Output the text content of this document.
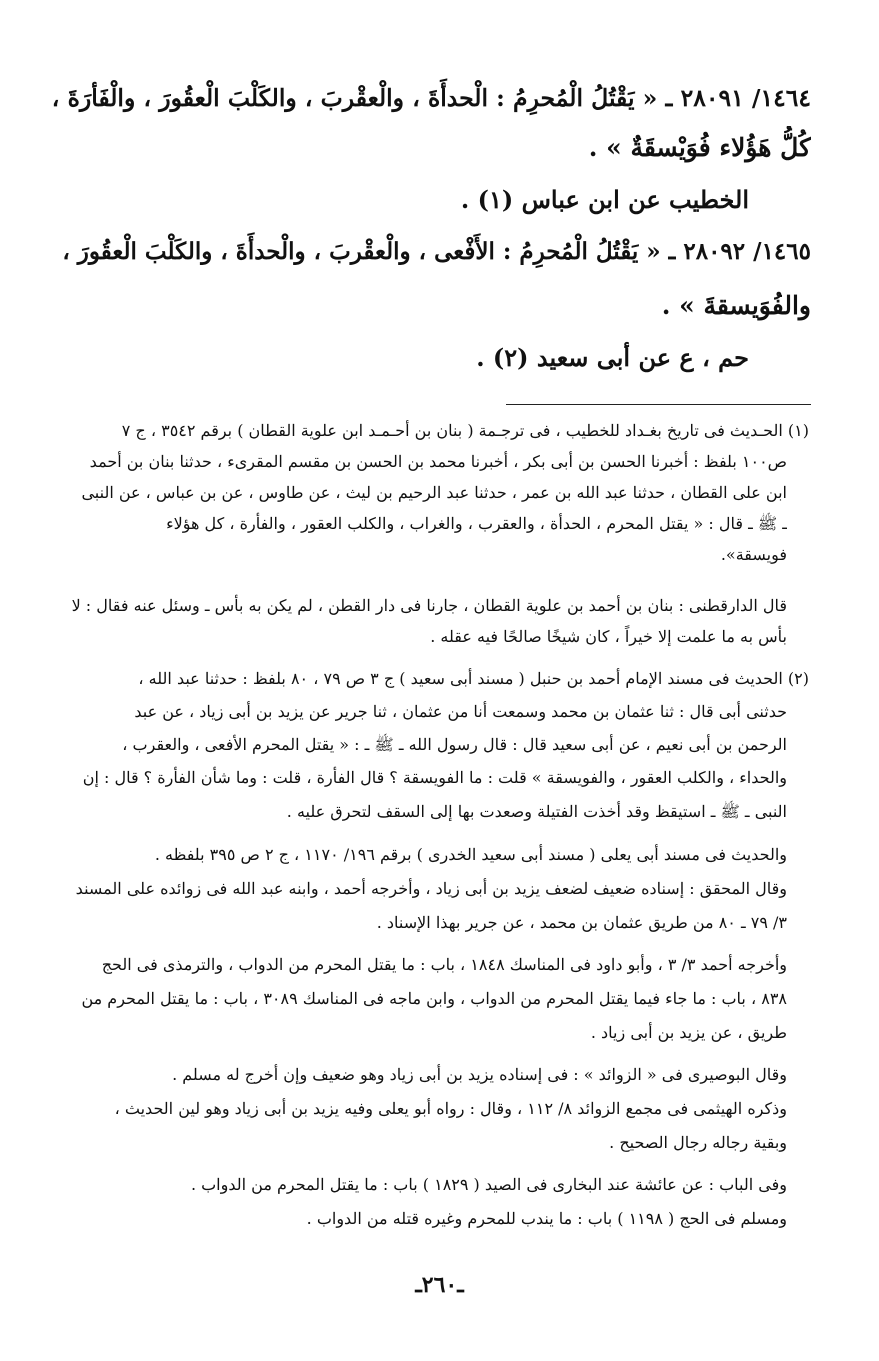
١٤٦٤/ ٢٨٠٩١ ـ « يَقْتُلُ الْمُحرِمُ : الْحدأَةَ ، والْعقْربَ ، والكَلْبَ الْعقُورَ ، والْفَأرَةَ ،
كُلُّ هَؤُلاء فُوَيْسقَةٌ » .
الخطيب عن ابن عباس (١) .
١٤٦٥/ ٢٨٠٩٢ ـ « يَقْتُلُ الْمُحرِمُ : الأَفْعى ، والْعقْربَ ، والْحدأَةَ ، والكَلْبَ الْعقُورَ ،
والفُوَيسقةَ » .
حم ، ع عن أبى سعيد (٢) .
(١) الحـديث فى تاريخ بغـداد للخطيب ، فى ترجـمة ( بنان بن أحـمـد ابن علوية القطان ) برقم ٣٥٤٢ ، ج ٧
ص١٠٠ بلفظ : أخبرنا الحسن بن أبى بكر ، أخبرنا محمد بن الحسن بن مقسم المقرىء ، حدثنا بنان بن أحمد
ابن على القطان ، حدثنا عبد الله بن عمر ، حدثنا عبد الرحيم بن ليث ، عن طاوس ، عن بن عباس ، عن النبى
ـ ﷺ ـ قال : « يقتل المحرم ، الحدأة ، والعقرب ، والغراب ، والكلب العقور ، والفأرة ، كل هؤلاء
فويسقة».
قال الدارقطنى : بنان بن أحمد بن علوية القطان ، جارنا فى دار القطن ، لم يكن به بأس ـ وسئل عنه فقال : لا
بأس به ما علمت إلا خيراً ، كان شيخًا صالحًا فيه عقله .
(٢) الحديث فى مسند الإمام أحمد بن حنبل ( مسند أبى سعيد ) ج ٣ ص ٧٩ ، ٨٠ بلفظ : حدثنا عبد الله ،
حدثنى أبى قال : ثنا عثمان بن محمد وسمعت أنا من عثمان ، ثنا جرير عن يزيد بن أبى زياد ، عن عبد
الرحمن بن أبى نعيم ، عن أبى سعيد قال : قال رسول الله ـ ﷺ ـ : « يقتل المحرم الأفعى ، والعقرب ،
والحداء ، والكلب العقور ، والفويسقة » قلت : ما الفويسقة ؟ قال الفأرة ، قلت : وما شأن الفأرة ؟ قال : إن
النبى ـ ﷺ ـ استيقظ وقد أخذت الفتيلة وصعدت بها إلى السقف لتحرق عليه .
والحديث فى مسند أبى يعلى ( مسند أبى سعيد الخدرى ) برقم ١٩٦/ ١١٧٠ ، ج ٢ ص ٣٩٥ بلفظه .
وقال المحقق : إسناده ضعيف لضعف يزيد بن أبى زياد ، وأخرجه أحمد ، وابنه عبد الله فى زوائده على المسند
٣/ ٧٩ ـ ٨٠ من طريق عثمان بن محمد ، عن جرير بهذا الإسناد .
وأخرجه أحمد ٣/ ٣ ، وأبو داود فى المناسك ١٨٤٨ ، باب : ما يقتل المحرم من الدواب ، والترمذى فى الحج
٨٣٨ ، باب : ما جاء فيما يقتل المحرم من الدواب ، وابن ماجه فى المناسك ٣٠٨٩ ، باب : ما يقتل المحرم من
طريق ، عن يزيد بن أبى زياد .
وقال البوصيرى فى « الزوائد » : فى إسناده يزيد بن أبى زياد وهو ضعيف وإن أخرج له مسلم .
وذكره الهيثمى فى مجمع الزوائد ٨/ ١١٢ ، وقال : رواه أبو يعلى وفيه يزيد بن أبى زياد وهو لين الحديث ،
وبقية رجاله رجال الصحيح .
وفى الباب : عن عائشة عند البخارى فى الصيد ( ١٨٢٩ ) باب : ما يقتل المحرم من الدواب .
ومسلم فى الحج ( ١١٩٨ ) باب : ما يندب للمحرم وغيره قتله من الدواب .
ـ٢٦٠ـ
